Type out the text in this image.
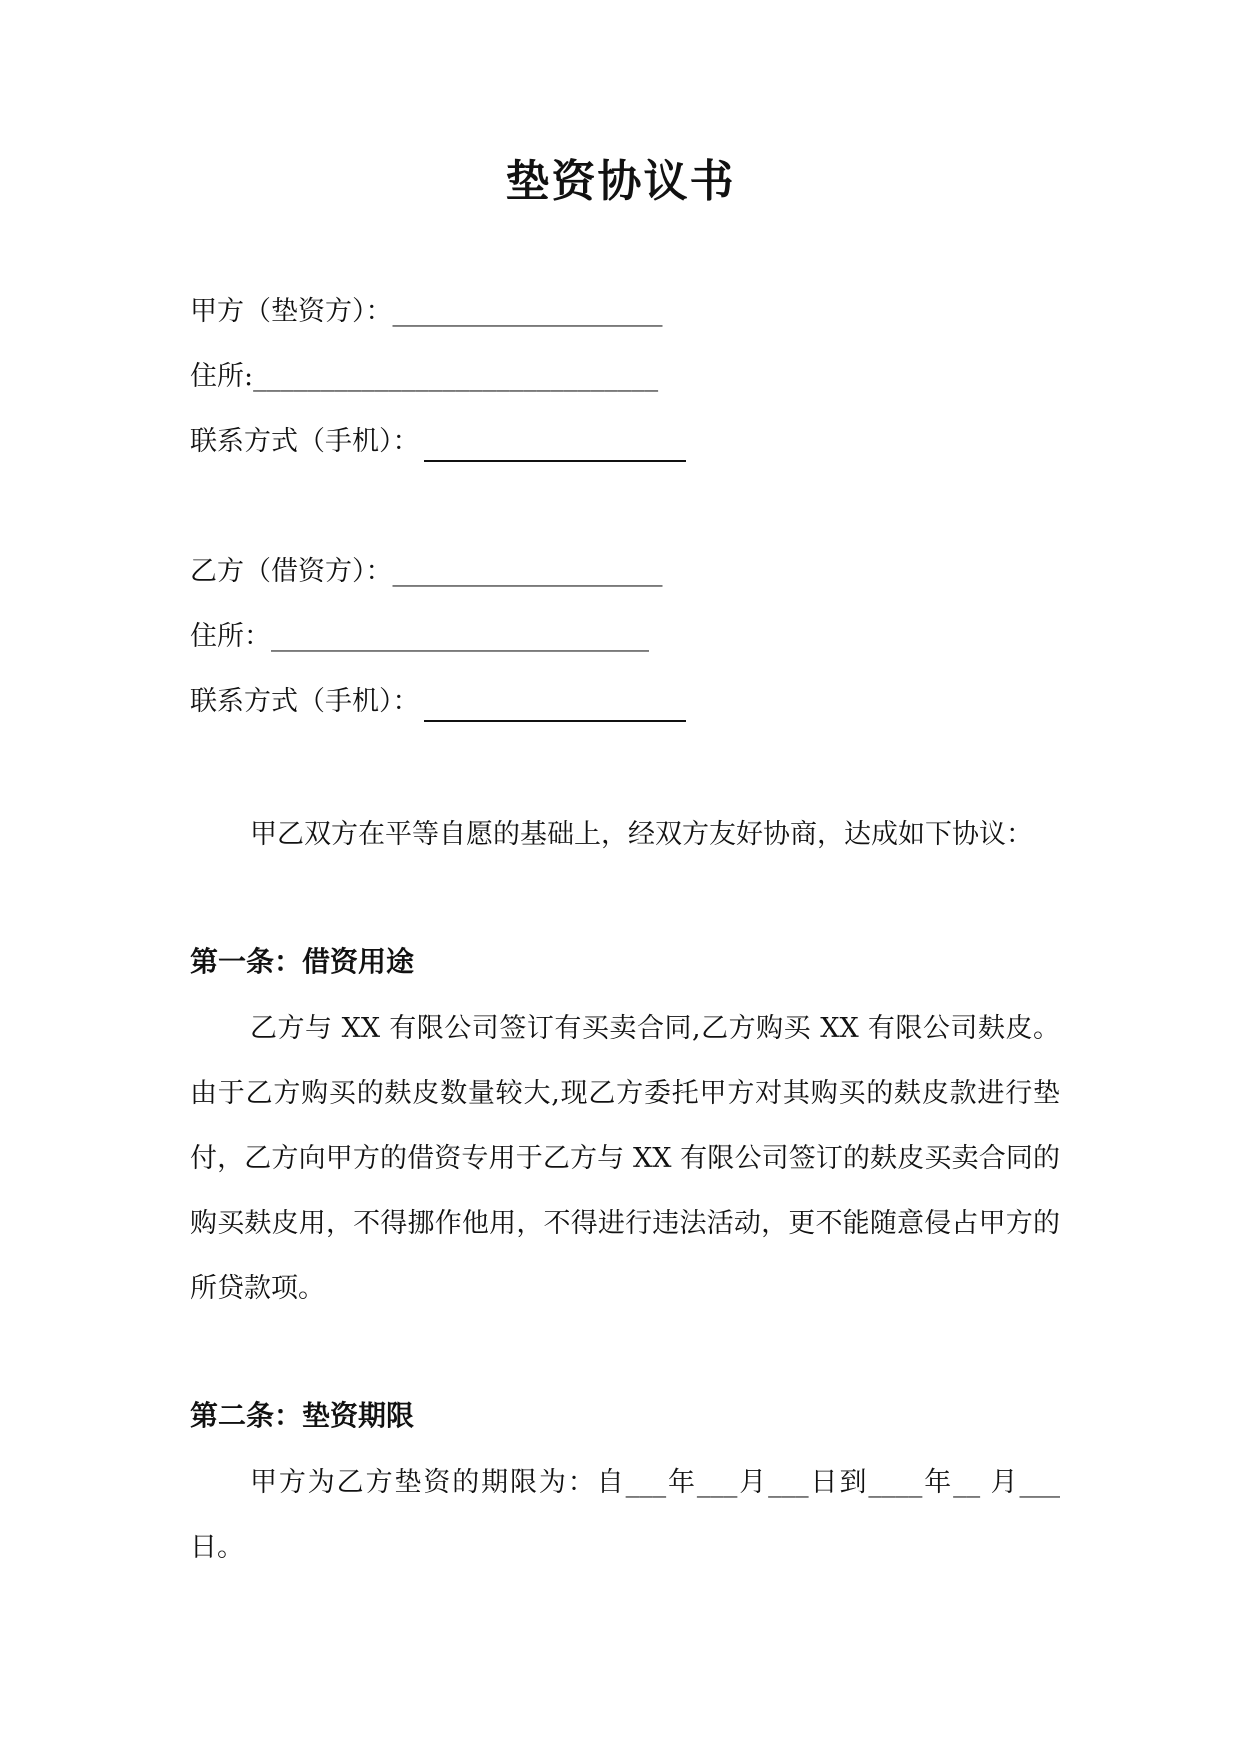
垫资协议书
甲方（垫资方）：____________________
住所:______________________________
联系方式（手机）：
乙方（借资方）：____________________
住所：____________________________
联系方式（手机）：
甲乙双方在平等自愿的基础上，经双方友好协商，达成如下协议：
第一条：借资用途
乙方与 XX 有限公司签订有买卖合同,乙方购买 XX 有限公司麸皮。由于乙方购买的麸皮数量较大,现乙方委托甲方对其购买的麸皮款进行垫付，乙方向甲方的借资专用于乙方与 XX 有限公司签订的麸皮买卖合同的购买麸皮用，不得挪作他用，不得进行违法活动，更不能随意侵占甲方的所贷款项。
第二条：垫资期限
甲方为乙方垫资的期限为：自___年___月___日到____年__ 月___日。
